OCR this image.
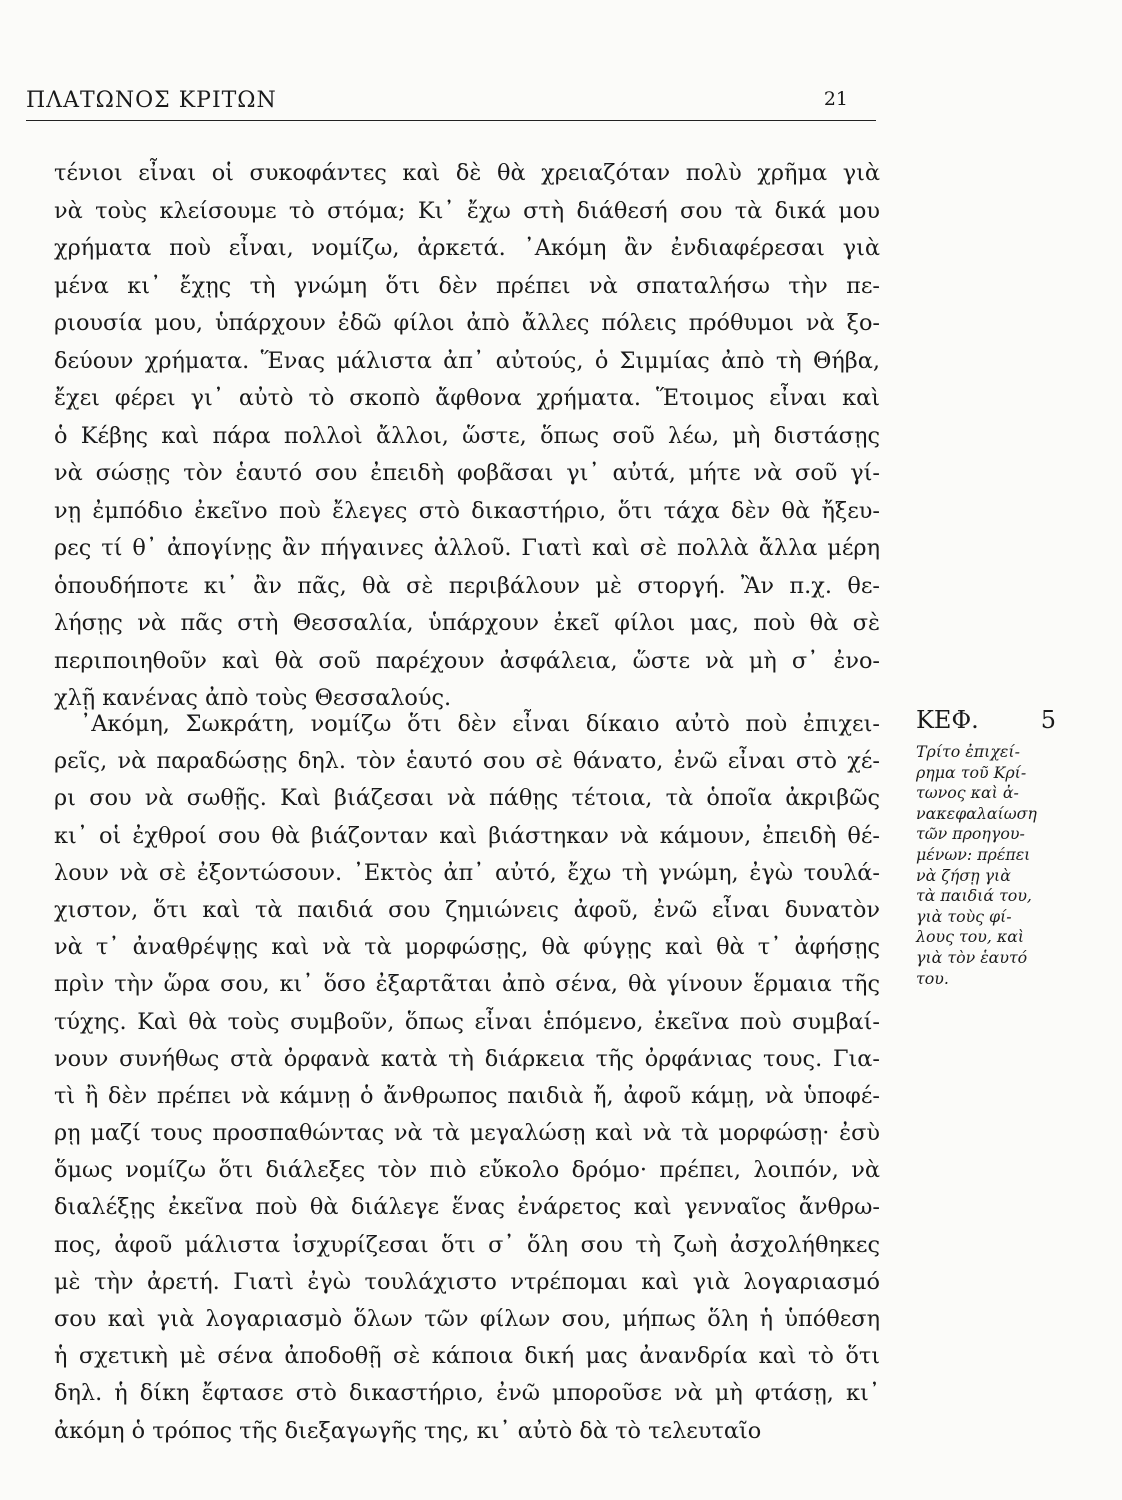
ΠΛΑΤΩΝΟΣ ΚΡΙΤΩΝ	21
τένιοι εἶναι οἱ συκοφάντες καὶ δὲ θὰ χρειαζόταν πολὺ χρῆμα γιὰ
νὰ τοὺς κλείσουμε τὸ στόμα; Κι᾿ ἔχω στὴ διάθεσή σου τὰ δικά μου
χρήματα ποὺ εἶναι, νομίζω, ἀρκετά. ᾿Ακόμη ἂν ἐνδιαφέρεσαι γιὰ
μένα κι᾿ ἔχῃς τὴ γνώμη ὅτι δὲν πρέπει νὰ σπαταλήσω τὴν πε-
ριουσία μου, ὑπάρχουν ἐδῶ φίλοι ἀπὸ ἄλλες πόλεις πρόθυμοι νὰ ξο-
δεύουν χρήματα. Ἕνας μάλιστα ἀπ᾿ αὐτούς, ὁ Σιμμίας ἀπὸ τὴ Θήβα,
ἔχει φέρει γι᾿ αὐτὸ τὸ σκοπὸ ἄφθονα χρήματα. Ἕτοιμος εἶναι καὶ
ὁ Κέβης καὶ πάρα πολλοὶ ἄλλοι, ὥστε, ὅπως σοῦ λέω, μὴ διστάσῃς
νὰ σώσῃς τὸν ἑαυτό σου ἐπειδὴ φοβᾶσαι γι᾿ αὐτά, μήτε νὰ σοῦ γί-
νῃ ἐμπόδιο ἐκεῖνο ποὺ ἔλεγες στὸ δικαστήριο, ὅτι τάχα δὲν θὰ ἤξευ-
ρες τί θ᾿ ἀπογίνῃς ἂν πήγαινες ἀλλοῦ. Γιατὶ καὶ σὲ πολλὰ ἄλλα μέρη
ὁπουδήποτε κι᾿ ἂν πᾶς, θὰ σὲ περιβάλουν μὲ στοργή. Ἂν π.χ. θε-
λήσῃς νὰ πᾶς στὴ Θεσσαλία, ὑπάρχουν ἐκεῖ φίλοι μας, ποὺ θὰ σὲ
περιποιηθοῦν καὶ θὰ σοῦ παρέχουν ἀσφάλεια, ὥστε νὰ μὴ σ᾿ ἐνο-
χλῇ κανένας ἀπὸ τοὺς Θεσσαλούς.
᾿Ακόμη, Σωκράτη, νομίζω ὅτι δὲν εἶναι δίκαιο αὐτὸ ποὺ ἐπιχει-
ρεῖς, νὰ παραδώσῃς δηλ. τὸν ἑαυτό σου σὲ θάνατο, ἐνῶ εἶναι στὸ χέ-
ρι σου νὰ σωθῇς. Καὶ βιάζεσαι νὰ πάθῃς τέτοια, τὰ ὁποῖα ἀκριβῶς
κι᾿ οἱ ἐχθροί σου θὰ βιάζονταν καὶ βιάστηκαν νὰ κάμουν, ἐπειδὴ θέ-
λουν νὰ σὲ ἐξοντώσουν. ᾿Εκτὸς ἀπ᾿ αὐτό, ἔχω τὴ γνώμη, ἐγὼ τουλά-
χιστον, ὅτι καὶ τὰ παιδιά σου ζημιώνεις ἀφοῦ, ἐνῶ εἶναι δυνατὸν
νὰ τ᾿ ἀναθρέψῃς καὶ νὰ τὰ μορφώσῃς, θὰ φύγῃς καὶ θὰ τ᾿ ἀφήσῃς
πρὶν τὴν ὥρα σου, κι᾿ ὅσο ἐξαρτᾶται ἀπὸ σένα, θὰ γίνουν ἕρμαια τῆς
τύχης. Καὶ θὰ τοὺς συμβοῦν, ὅπως εἶναι ἑπόμενο, ἐκεῖνα ποὺ συμβαί-
νουν συνήθως στὰ ὀρφανὰ κατὰ τὴ διάρκεια τῆς ὀρφάνιας τους. Για-
τὶ ἢ δὲν πρέπει νὰ κάμνῃ ὁ ἄνθρωπος παιδιὰ ἤ, ἀφοῦ κάμῃ, νὰ ὑποφέ-
ρῃ μαζί τους προσπαθώντας νὰ τὰ μεγαλώσῃ καὶ νὰ τὰ μορφώσῃ· ἐσὺ
ὅμως νομίζω ὅτι διάλεξες τὸν πιὸ εὔκολο δρόμο· πρέπει, λοιπόν, νὰ
διαλέξῃς ἐκεῖνα ποὺ θὰ διάλεγε ἕνας ἐνάρετος καὶ γενναῖος ἄνθρω-
πος, ἀφοῦ μάλιστα ἰσχυρίζεσαι ὅτι σ᾿ ὅλη σου τὴ ζωὴ ἀσχολήθηκες
μὲ τὴν ἀρετή. Γιατὶ ἐγὼ τουλάχιστο ντρέπομαι καὶ γιὰ λογαριασμό
σου καὶ γιὰ λογαριασμὸ ὅλων τῶν φίλων σου, μήπως ὅλη ἡ ὑπόθεση
ἡ σχετικὴ μὲ σένα ἀποδοθῇ σὲ κάποια δική μας ἀνανδρία καὶ τὸ ὅτι
δηλ. ἡ δίκη ἔφτασε στὸ δικαστήριο, ἐνῶ μποροῦσε νὰ μὴ φτάσῃ, κι᾿
ἀκόμη ὁ τρόπος τῆς διεξαγωγῆς της, κι᾿ αὐτὸ δὰ τὸ τελευταῖο
ΚΕΦ.	5
Τρίτο ἐπιχεί-
ρημα τοῦ Κρί-
τωνος καὶ ἀ-
νακεφαλαίωση
τῶν προηγου-
μένων: πρέπει
νὰ ζήσῃ γιὰ
τὰ παιδιά του,
γιὰ τοὺς φί-
λους του, καὶ
γιὰ τὸν ἑαυτό
του.
